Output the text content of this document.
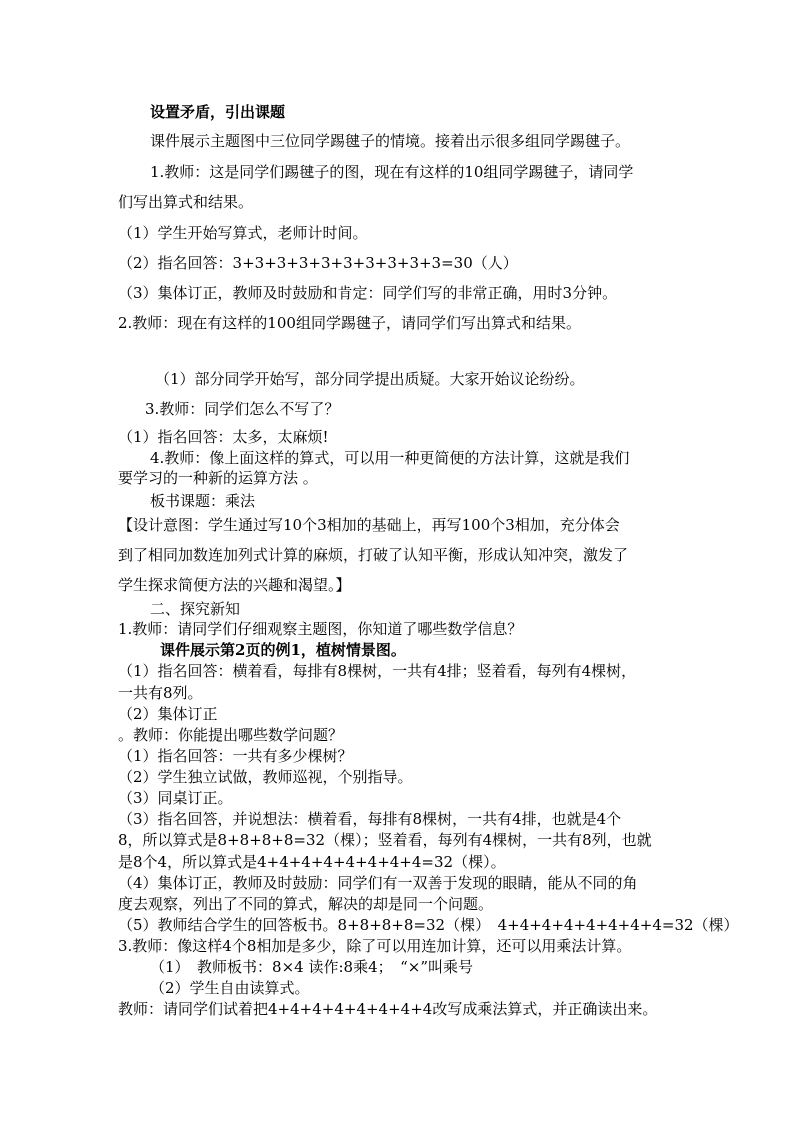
设置矛盾，引出课题
课件展示主题图中三位同学踢毽子的情境。接着出示很多组同学踢毽子。
1.教师：这是同学们踢毽子的图，现在有这样的10组同学踢毽子，请同学
们写出算式和结果。
（1）学生开始写算式，老师计时间。
（2）指名回答：3+3+3+3+3+3+3+3+3+3=30（人）
（3）集体订正，教师及时鼓励和肯定：同学们写的非常正确，用时3分钟。
2.教师：现在有这样的100组同学踢毽子，请同学们写出算式和结果。
（1）部分同学开始写，部分同学提出质疑。大家开始议论纷纷。
3.教师：同学们怎么不写了？
（1）指名回答：太多，太麻烦!
4.教师：像上面这样的算式，可以用一种更简便的方法计算，这就是我们
要学习的一种新的运算方法 。
板书课题：乘法
【设计意图：学生通过写10个3相加的基础上，再写100个3相加，充分体会
到了相同加数连加列式计算的麻烦，打破了认知平衡，形成认知冲突，激发了
学生探求简便方法的兴趣和渴望。】
二、探究新知
1.教师：请同学们仔细观察主题图，你知道了哪些数学信息？
课件展示第2页的例1，植树情景图。
（1）指名回答：横着看，每排有8棵树，一共有4排；竖着看，每列有4棵树，
一共有8列。
（2）集体订正
。教师：你能提出哪些数学问题？
（1）指名回答：一共有多少棵树？
（2）学生独立试做，教师巡视，个别指导。
（3）同桌订正。
（3）指名回答，并说想法：横着看，每排有8棵树，一共有4排，也就是4个
8，所以算式是8+8+8+8=32（棵）；竖着看，每列有4棵树，一共有8列，也就
是8个4，所以算式是4+4+4+4+4+4+4+4=32（棵）。
（4）集体订正，教师及时鼓励：同学们有一双善于发现的眼睛，能从不同的角
度去观察，列出了不同的算式，解决的却是同一个问题。
（5）教师结合学生的回答板书。8+8+8+8=32（棵）　4+4+4+4+4+4+4+4=32（棵）
3.教师：像这样4个8相加是多少，除了可以用连加计算，还可以用乘法计算。
（1）　教师板书：8×4 读作:8乘4；　“×”叫乘号
（2）学生自由读算式。
教师：请同学们试着把4+4+4+4+4+4+4+4改写成乘法算式，并正确读出来。
